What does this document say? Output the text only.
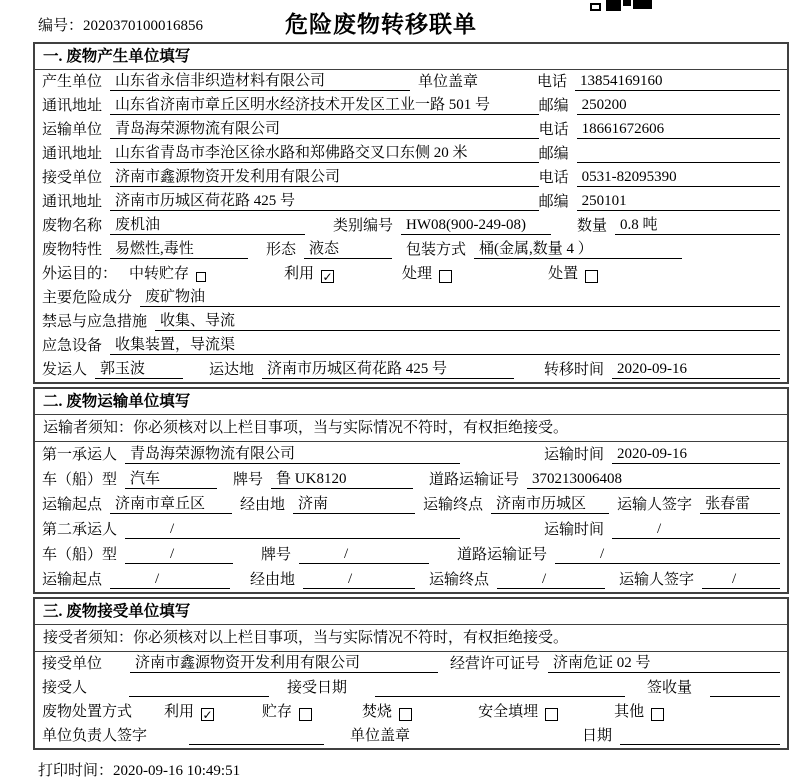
编号：2020370100016856	危险废物转移联单
一. 废物产生单位填写
产生单位 山东省永信非织造材料有限公司	单位盖章	电话 13854169160
通讯地址 山东省济南市章丘区明水经济技术开发区工业一路 501 号	邮编 250200
运输单位 青岛海荣源物流有限公司	电话 18661672606
通讯地址 山东省青岛市李沧区徐水路和郑佛路交叉口东侧 20 米	邮编
接受单位 济南市鑫源物资开发利用有限公司	电话 0531-82095390
通讯地址 济南市历城区荷花路 425 号	邮编 250101
废物名称 废机油	类别编号 HW08(900-249-08)	数量 0.8 吨
废物特性 易燃性,毒性	形态 液态	包装方式 桶(金属,数量 4 ）
外运目的： 中转贮存	利用 ✓	处理	处置
主要危险成分 废矿物油
禁忌与应急措施 收集、导流
应急设备 收集装置，导流渠
发运人 郭玉波	运达地 济南市历城区荷花路 425 号	转移时间 2020-09-16
二. 废物运输单位填写
运输者须知：你必须核对以上栏目事项，当与实际情况不符时，有权拒绝接受。
第一承运人 青岛海荣源物流有限公司	运输时间 2020-09-16
车（船）型 汽车	牌号 鲁 UK8120	道路运输证号 370213006408
运输起点 济南市章丘区	经由地 济南	运输终点 济南市历城区	运输人签字 张春雷
第二承运人	/	运输时间	/
车（船）型	/	牌号	/	道路运输证号	/
运输起点	/	经由地	/	运输终点	/	运输人签字	/
三. 废物接受单位填写
接受者须知：你必须核对以上栏目事项，当与实际情况不符时，有权拒绝接受。
接受单位	济南市鑫源物资开发利用有限公司	经营许可证号 济南危证 02 号
接受人	接受日期	签收量
废物处置方式 利用 ✓	贮存	焚烧	安全填埋	其他
单位负责人签字	单位盖章	日期
打印时间：2020-09-16 10:49:51
